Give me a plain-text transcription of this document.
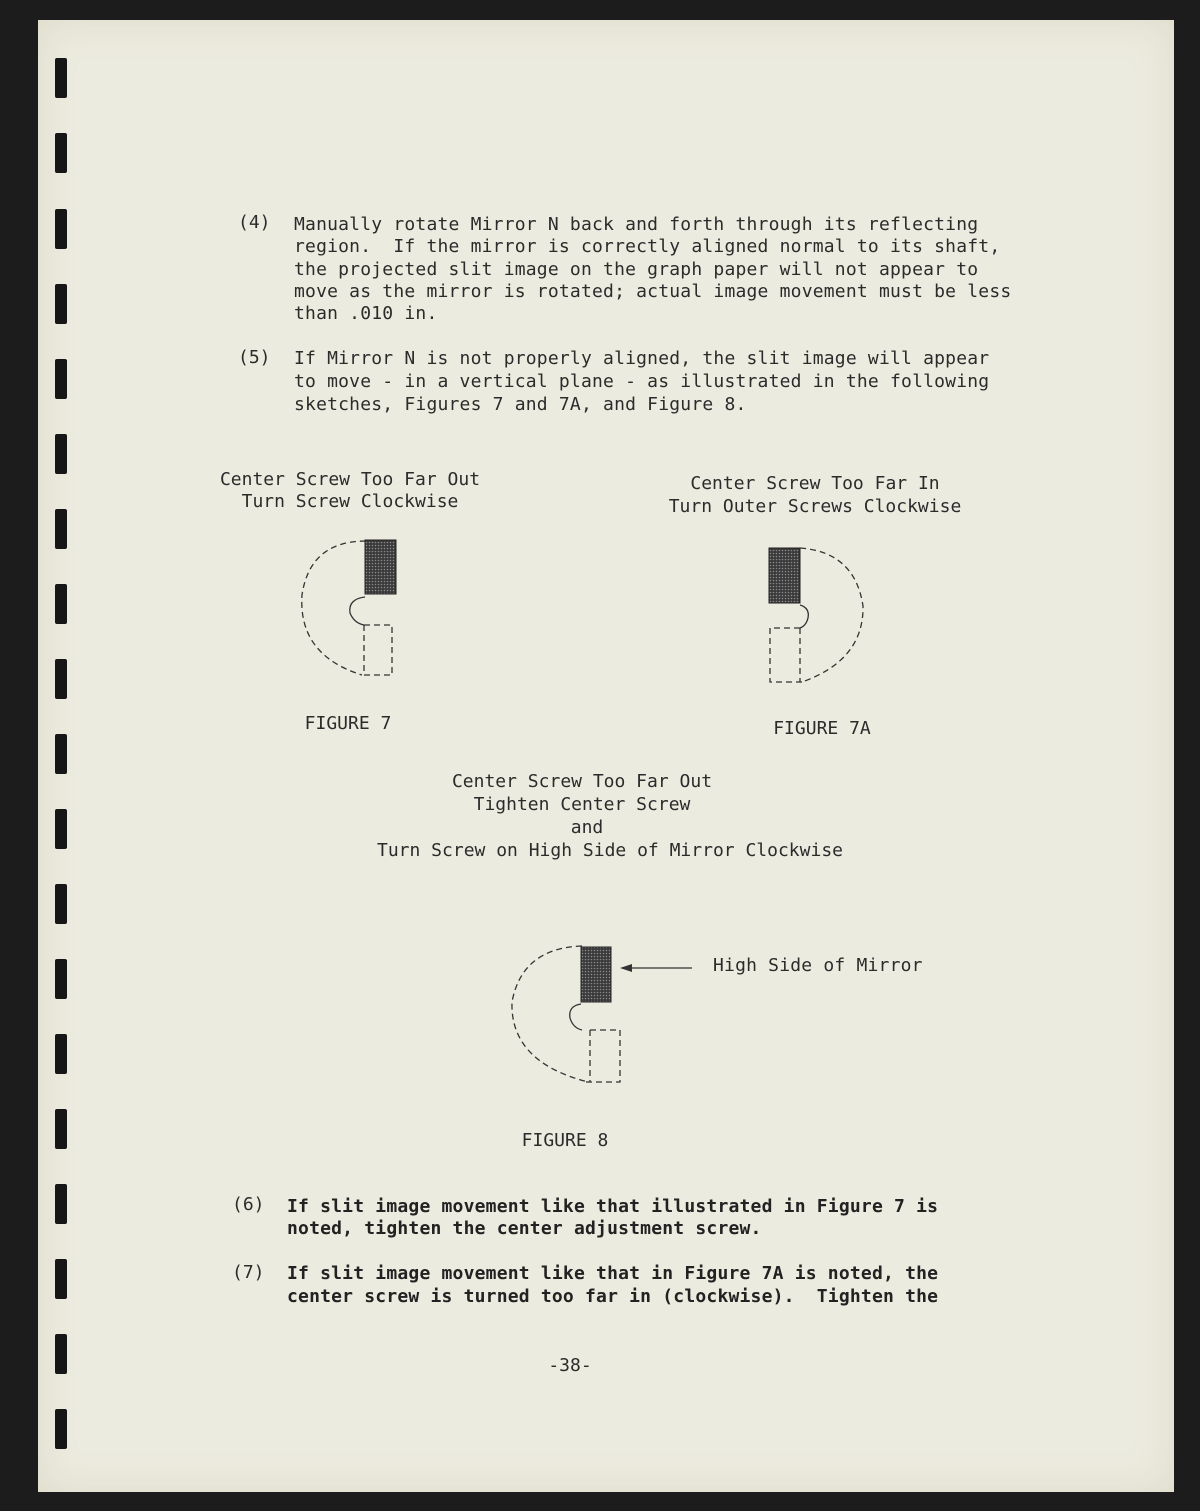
(4) Manually rotate Mirror N back and forth through its reflecting
region.  If the mirror is correctly aligned normal to its shaft,
the projected slit image on the graph paper will not appear to
move as the mirror is rotated; actual image movement must be less
than .010 in.
(5) If Mirror N is not properly aligned, the slit image will appear
to move - in a vertical plane - as illustrated in the following
sketches, Figures 7 and 7A, and Figure 8.
Center Screw Too Far Out
Turn Screw Clockwise
Center Screw Too Far In
Turn Outer Screws Clockwise
FIGURE 7	FIGURE 7A
Center Screw Too Far Out
Tighten Center Screw
and
Turn Screw on High Side of Mirror Clockwise
High Side of Mirror
FIGURE 8
(6) If slit image movement like that illustrated in Figure 7 is
noted, tighten the center adjustment screw.
(7) If slit image movement like that in Figure 7A is noted, the
center screw is turned too far in (clockwise).  Tighten the
-38-
